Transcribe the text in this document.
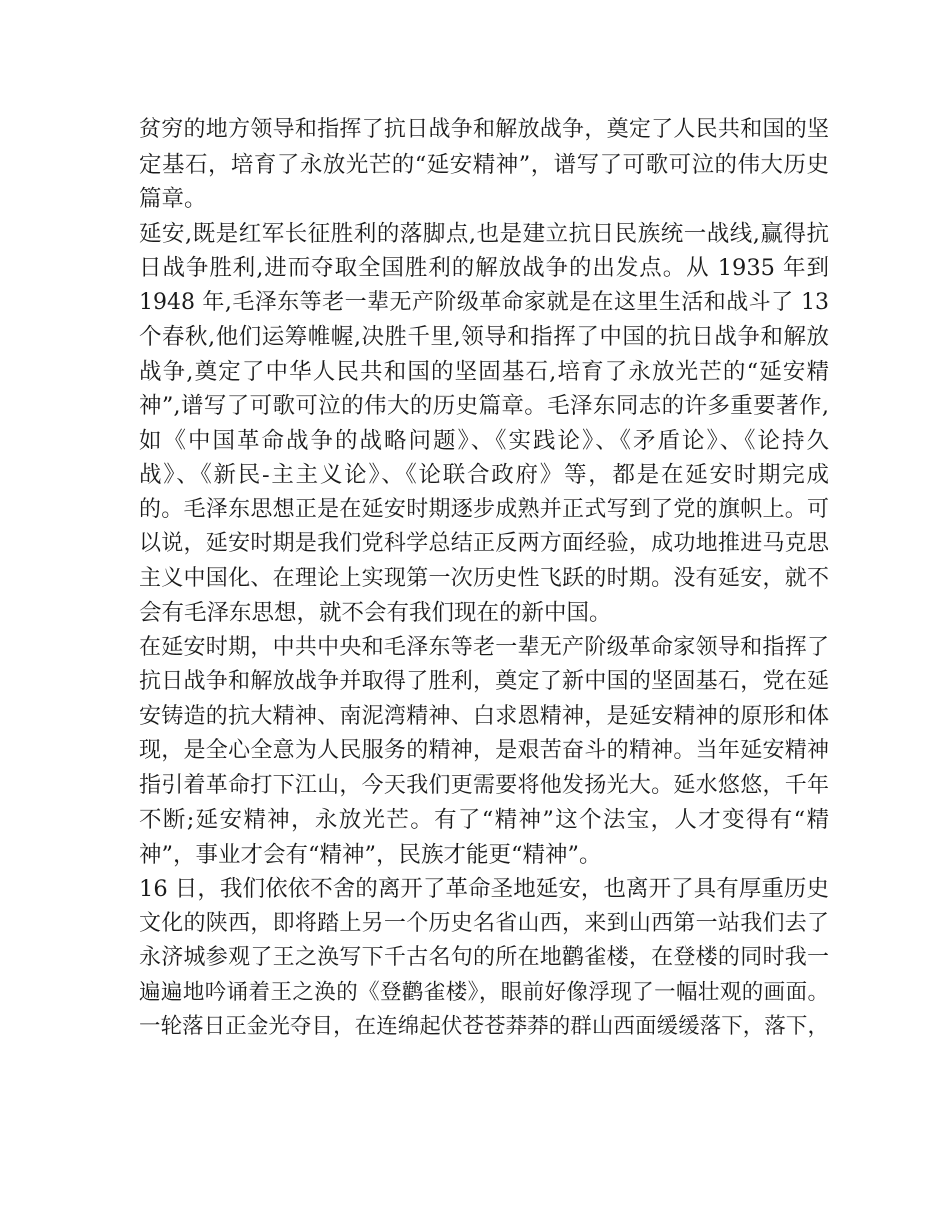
贫穷的地方领导和指挥了抗日战争和解放战争，奠定了人民共和国的坚
定基石，培育了永放光芒的“延安精神”，谱写了可歌可泣的伟大历史
篇章。
延安,既是红军长征胜利的落脚点,也是建立抗日民族统一战线,赢得抗
日战争胜利,进而夺取全国胜利的解放战争的出发点。从 1935 年到
1948 年,毛泽东等老一辈无产阶级革命家就是在这里生活和战斗了 13
个春秋,他们运筹帷幄,决胜千里,领导和指挥了中国的抗日战争和解放
战争,奠定了中华人民共和国的坚固基石,培育了永放光芒的“延安精
神”,谱写了可歌可泣的伟大的历史篇章。毛泽东同志的许多重要著作,
如《中国革命战争的战略问题》、《实践论》、《矛盾论》、《论持久
战》、《新民-主主义论》、《论联合政府》等，都是在延安时期完成
的。毛泽东思想正是在延安时期逐步成熟并正式写到了党的旗帜上。可
以说，延安时期是我们党科学总结正反两方面经验，成功地推进马克思
主义中国化、在理论上实现第一次历史性飞跃的时期。没有延安，就不
会有毛泽东思想，就不会有我们现在的新中国。
在延安时期，中共中央和毛泽东等老一辈无产阶级革命家领导和指挥了
抗日战争和解放战争并取得了胜利，奠定了新中国的坚固基石，党在延
安铸造的抗大精神、南泥湾精神、白求恩精神，是延安精神的原形和体
现，是全心全意为人民服务的精神，是艰苦奋斗的精神。当年延安精神
指引着革命打下江山，今天我们更需要将他发扬光大。延水悠悠，千年
不断;延安精神，永放光芒。有了“精神”这个法宝，人才变得有“精
神”，事业才会有“精神”，民族才能更“精神”。
16 日，我们依依不舍的离开了革命圣地延安，也离开了具有厚重历史
文化的陕西，即将踏上另一个历史名省山西，来到山西第一站我们去了
永济城参观了王之涣写下千古名句的所在地鹳雀楼，在登楼的同时我一
遍遍地吟诵着王之涣的《登鹳雀楼》，眼前好像浮现了一幅壮观的画面。
一轮落日正金光夺目，在连绵起伏苍苍莽莽的群山西面缓缓落下，落下，
